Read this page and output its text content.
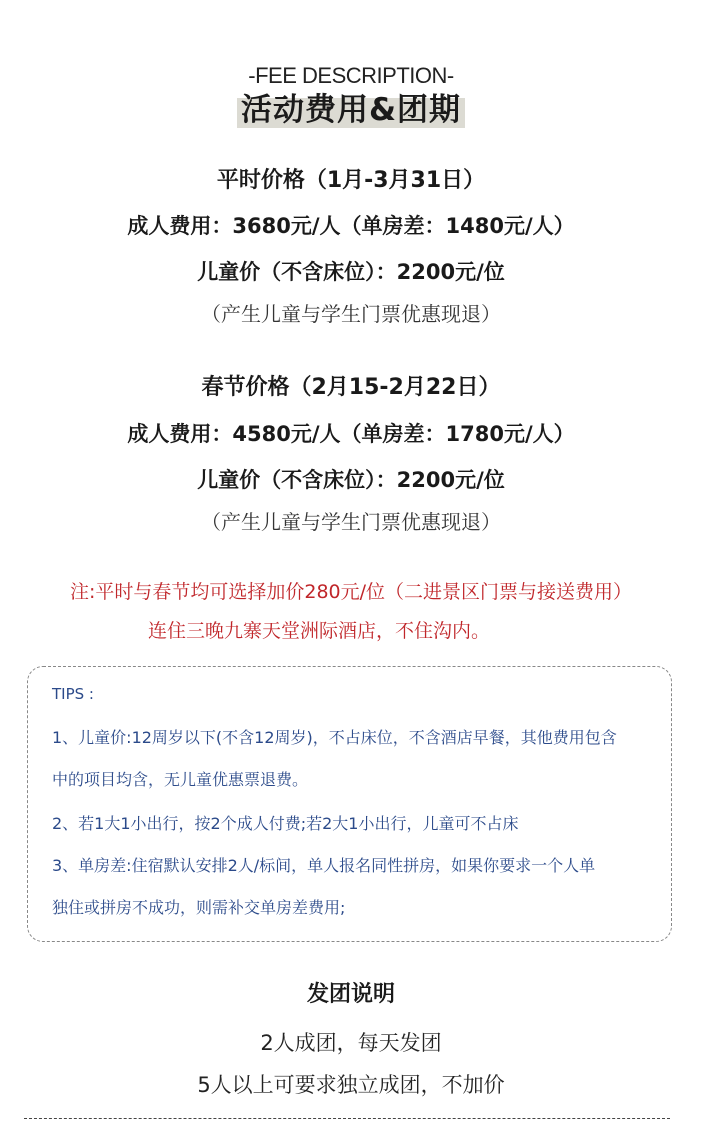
-FEE DESCRIPTION-
活动费用&团期
平时价格（1月-3月31日）
成人费用：3680元/人（单房差：1480元/人）
儿童价（不含床位）：2200元/位
（产生儿童与学生门票优惠现退）
春节价格（2月15-2月22日）
成人费用：4580元/人（单房差：1780元/人）
儿童价（不含床位）：2200元/位
（产生儿童与学生门票优惠现退）
注:平时与春节均可选择加价280元/位（二进景区门票与接送费用）
连住三晚九寨天堂洲际酒店，不住沟内。
TIPS :
1、儿童价:12周岁以下(不含12周岁)，不占床位，不含酒店早餐，其他费用包含
中的项目均含，无儿童优惠票退费。
2、若1大1小出行，按2个成人付费;若2大1小出行，儿童可不占床
3、单房差:住宿默认安排2人/标间，单人报名同性拼房，如果你要求一个人单
独住或拼房不成功，则需补交单房差费用;
发团说明
2人成团，每天发团
5人以上可要求独立成团，不加价
